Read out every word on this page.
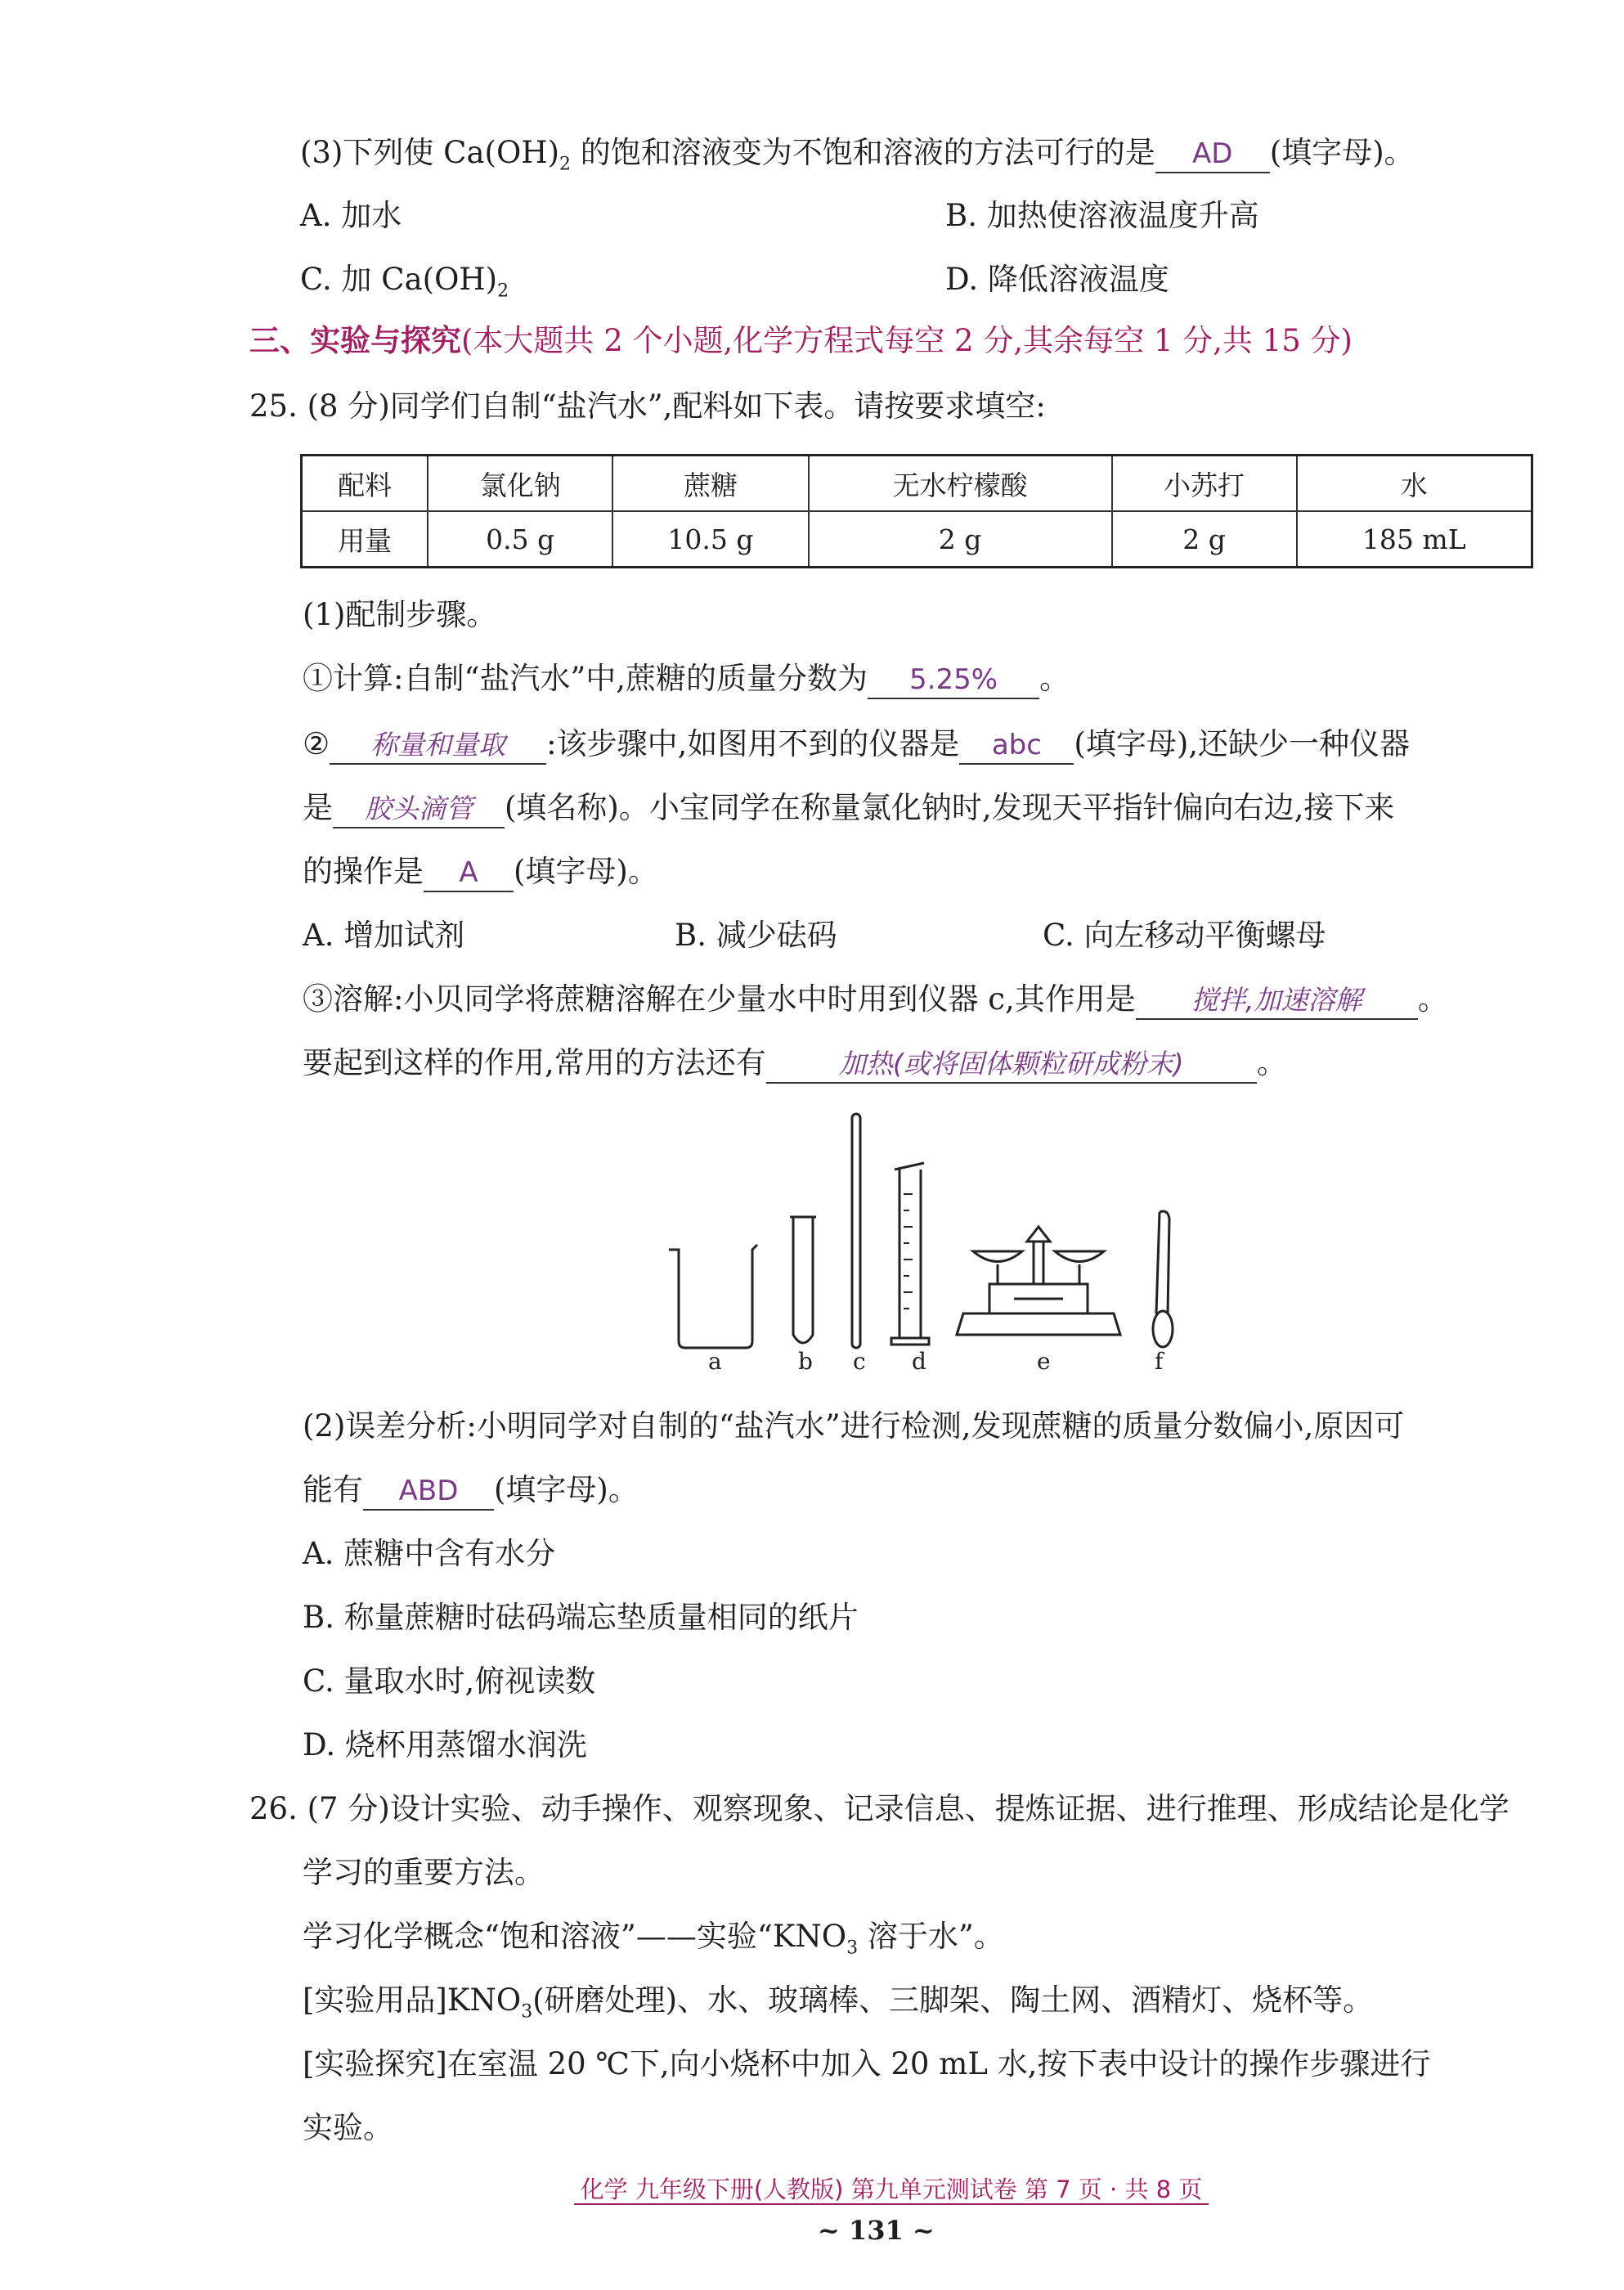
(3)下列使 $Ca(OH)_2$ 的饱和溶液变为不饱和溶液的方法可行的是 AD (填字母)。
A. 加水	B. 加热使溶液温度升高
C. 加 $Ca(OH)_2$	D. 降低溶液温度
三、实验与探究(本大题共 2 个小题,化学方程式每空 2 分,其余每空 1 分,共 15 分)
25. (8 分)同学们自制“盐汽水”,配料如下表。请按要求填空:
配料	氯化钠	蔗糖	无水柠檬酸	小苏打	水
用量	0.5 g	10.5 g	2 g	2 g	185 mL
(1)配制步骤。
①计算:自制“盐汽水”中,蔗糖的质量分数为 5.25% 。
② 称量和量取 :该步骤中,如图用不到的仪器是 abc (填字母),还缺少一种仪器
是 胶头滴管 (填名称)。小宝同学在称量氯化钠时,发现天平指针偏向右边,接下来
的操作是 A (填字母)。
A. 增加试剂	B. 减少砝码	C. 向左移动平衡螺母
③溶解:小贝同学将蔗糖溶解在少量水中时用到仪器 c,其作用是 搅拌,加速溶解 。
要起到这样的作用,常用的方法还有	加热(或将固体颗粒研成粉末) 。
a	b c d	e	f
(2)误差分析:小明同学对自制的“盐汽水”进行检测,发现蔗糖的质量分数偏小,原因可
能有 ABD (填字母)。
A. 蔗糖中含有水分
B. 称量蔗糖时砝码端忘垫质量相同的纸片
C. 量取水时,俯视读数
D. 烧杯用蒸馏水润洗
26. (7 分)设计实验、动手操作、观察现象、记录信息、提炼证据、进行推理、形成结论是化学
学习的重要方法。
学习化学概念“饱和溶液”——实验“$KNO_3$ 溶于水”。
[实验用品]$KNO_3$(研磨处理)、水、玻璃棒、三脚架、陶土网、酒精灯、烧杯等。
[实验探究]在室温 20 ℃下,向小烧杯中加入 20 mL 水,按下表中设计的操作步骤进行
实验。
化学 九年级下册(人教版) 第九单元测试卷 第 7 页 · 共 8 页
~ 131 ~
